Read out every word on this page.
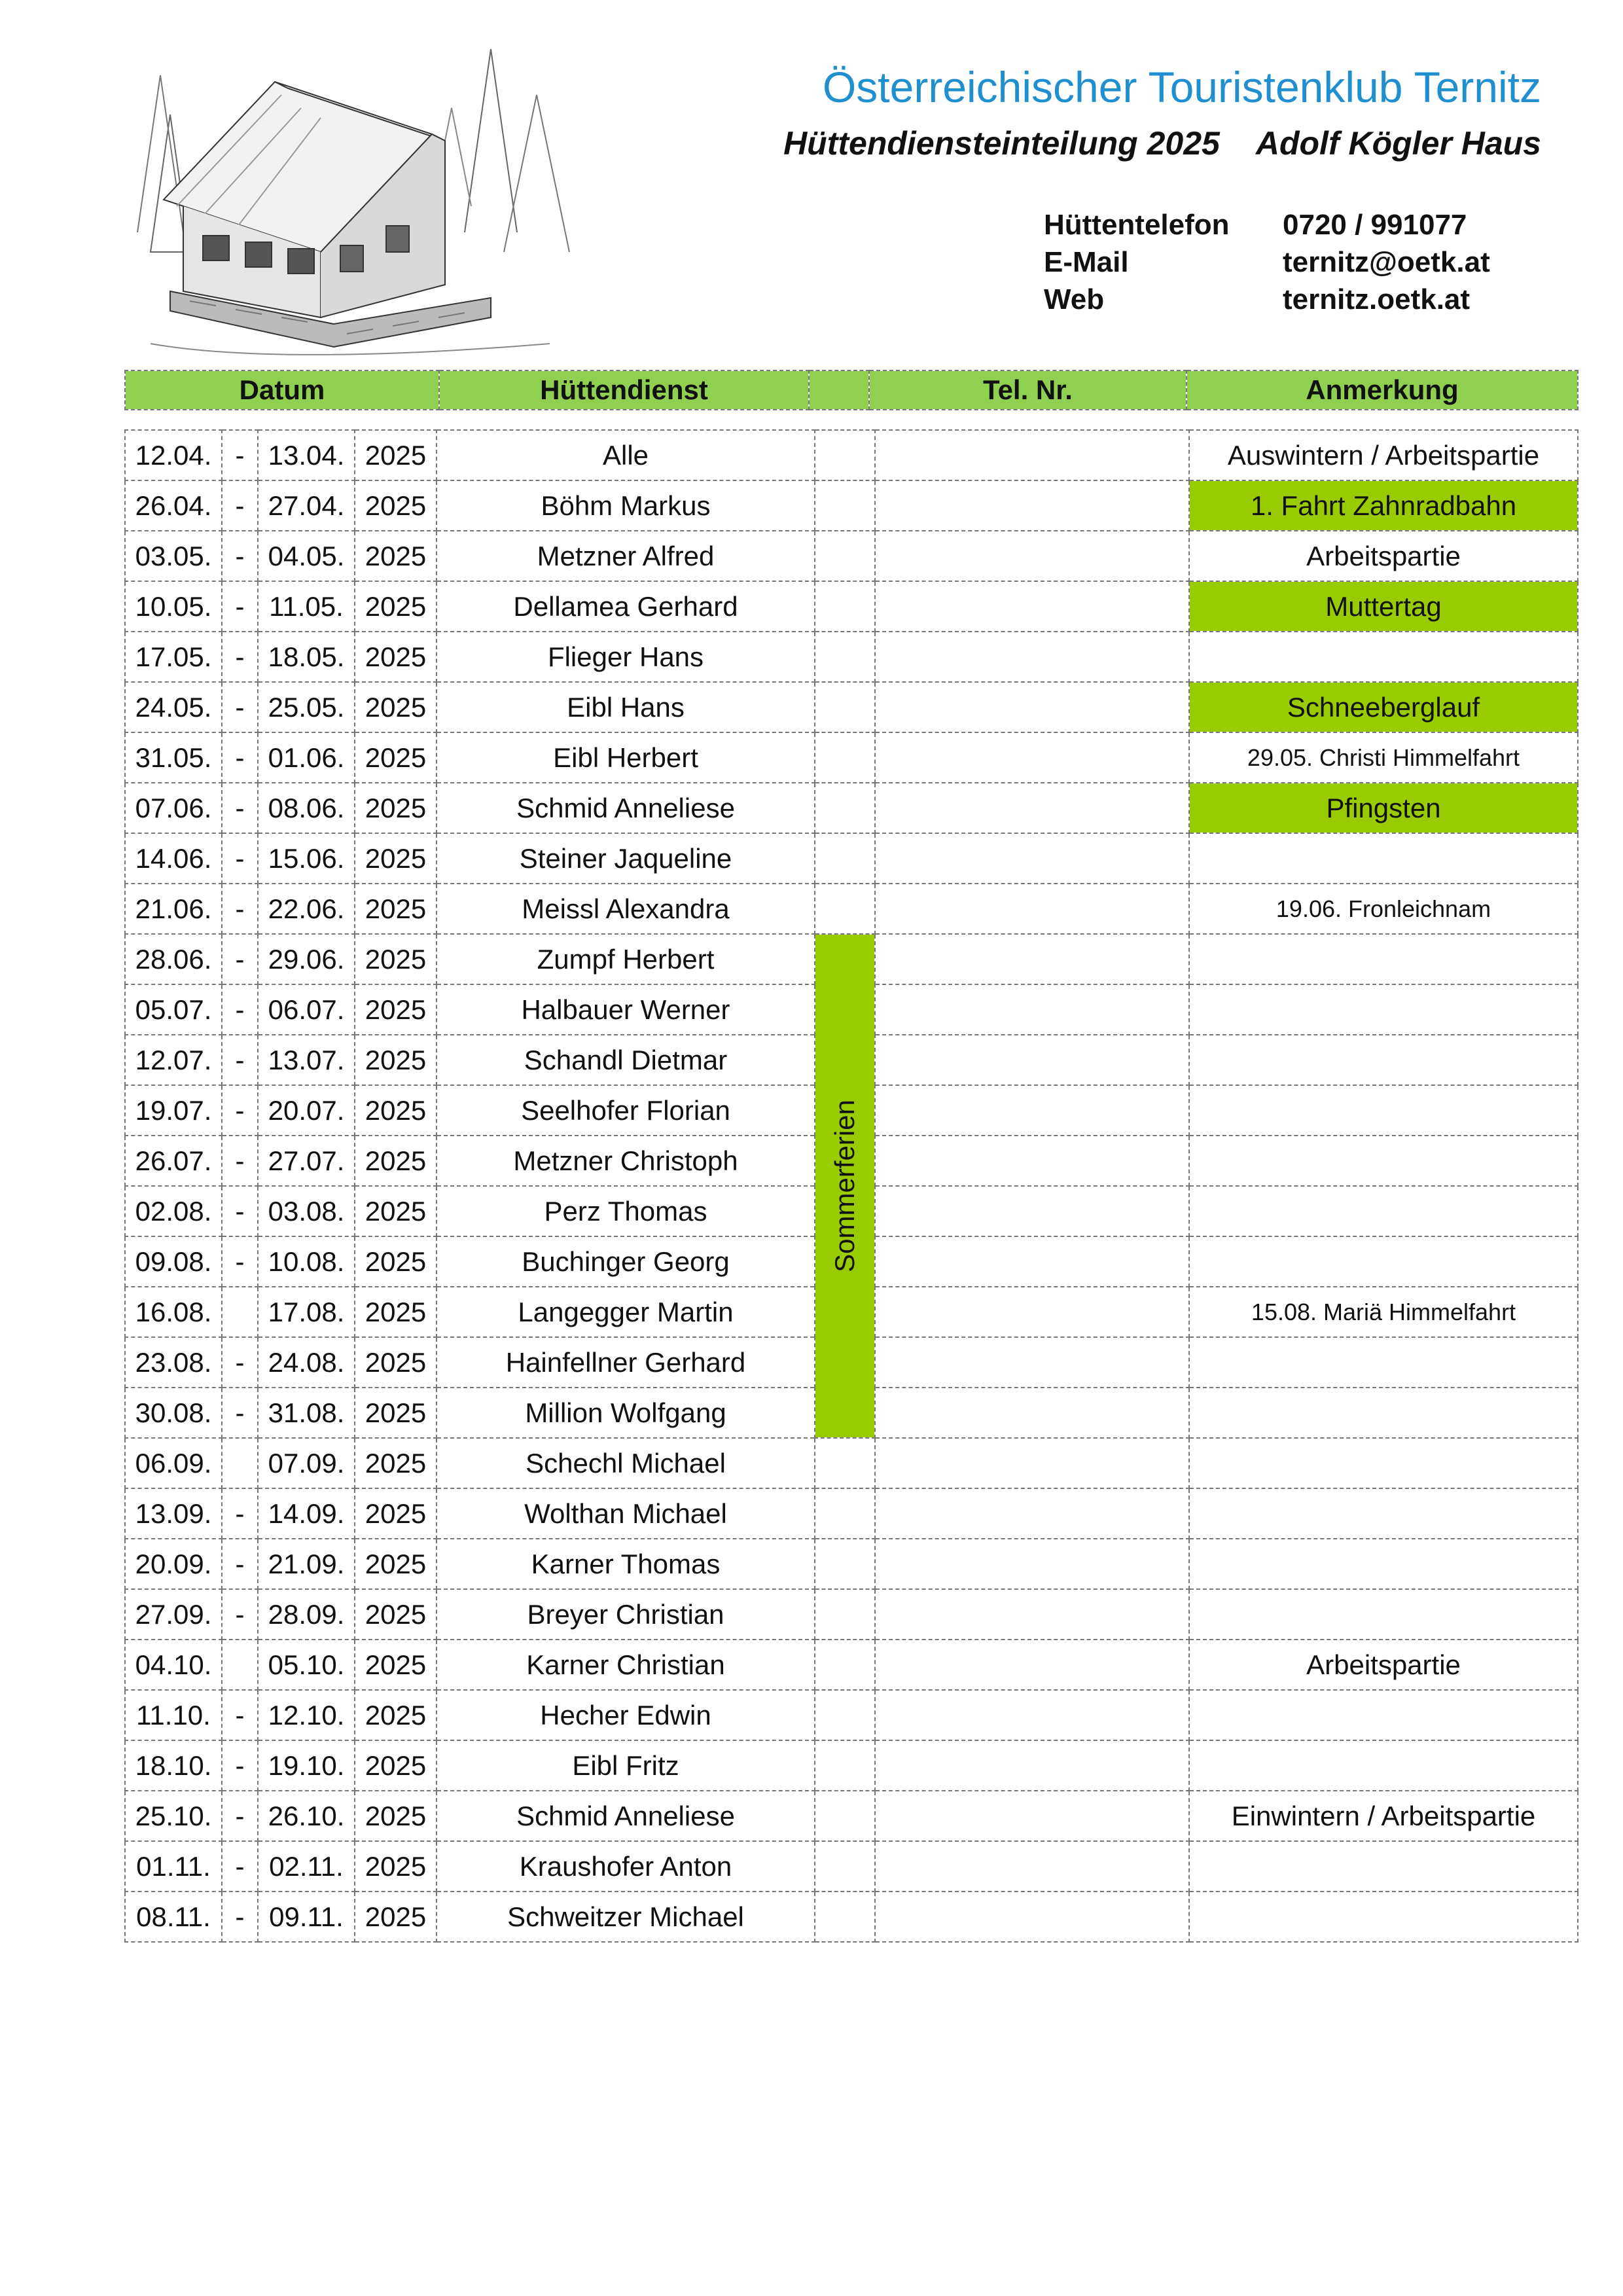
Österreichischer Touristenklub Ternitz
Hüttendiensteinteilung 2025 Adolf Kögler Haus
Hüttentelefon	0720 / 991077
E-Mail	ternitz@oetk.at
Web	ternitz.oetk.at
Datum	Hüttendienst		Tel. Nr.	Anmerkung
12.04.	-	13.04.	2025	Alle			Auswintern / Arbeitspartie
26.04.	-	27.04.	2025	Böhm Markus			1. Fahrt Zahnradbahn
03.05.	-	04.05.	2025	Metzner Alfred			Arbeitspartie
10.05.	-	11.05.	2025	Dellamea Gerhard			Muttertag
17.05.	-	18.05.	2025	Flieger Hans			
24.05.	-	25.05.	2025	Eibl Hans			Schneeberglauf
31.05.	-	01.06.	2025	Eibl Herbert			29.05. Christi Himmelfahrt
07.06.	-	08.06.	2025	Schmid Anneliese			Pfingsten
14.06.	-	15.06.	2025	Steiner Jaqueline			
21.06.	-	22.06.	2025	Meissl Alexandra			19.06. Fronleichnam
28.06.	-	29.06.	2025	Zumpf Herbert	Sommerferien		

05.07.	-	06.07.	2025	Halbauer Werner			
12.07.	-	13.07.	2025	Schandl Dietmar			
19.07.	-	20.07.	2025	Seelhofer Florian			
26.07.	-	27.07.	2025	Metzner Christoph			
02.08.	-	03.08.	2025	Perz Thomas			
09.08.	-	10.08.	2025	Buchinger Georg			
16.08.		17.08.	2025	Langegger Martin			15.08. Mariä Himmelfahrt
23.08.	-	24.08.	2025	Hainfellner Gerhard			
30.08.	-	31.08.	2025	Million Wolfgang			
06.09.		07.09.	2025	Schechl Michael			
13.09.	-	14.09.	2025	Wolthan Michael			
20.09.	-	21.09.	2025	Karner Thomas			
27.09.	-	28.09.	2025	Breyer Christian			
04.10.		05.10.	2025	Karner Christian			Arbeitspartie
11.10.	-	12.10.	2025	Hecher Edwin			
18.10.	-	19.10.	2025	Eibl Fritz			
25.10.	-	26.10.	2025	Schmid Anneliese			Einwintern / Arbeitspartie
01.11.	-	02.11.	2025	Kraushofer Anton			
08.11.	-	09.11.	2025	Schweitzer Michael			
